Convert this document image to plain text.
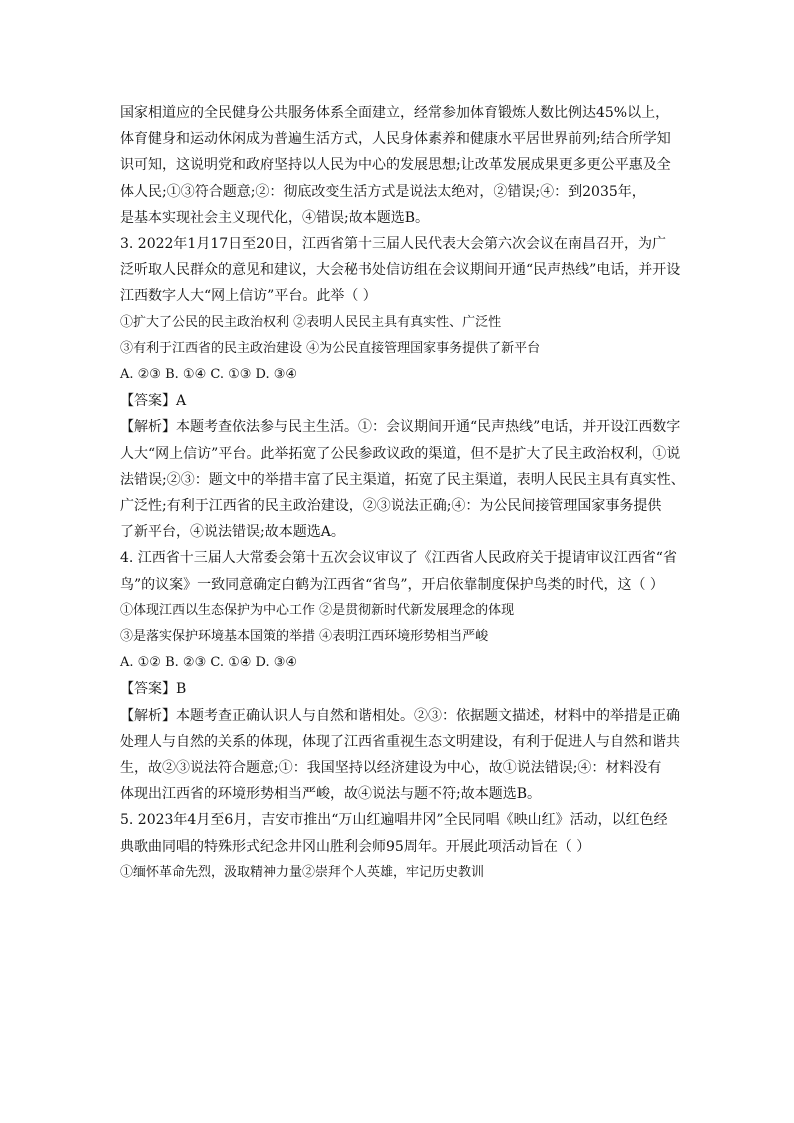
国家相道应的全民健身公共服务体系全面建立，经常参加体育锻炼人数比例达45%以上，

体育健身和运动休闲成为普遍生活方式，人民身体素养和健康水平居世界前列;结合所学知

识可知，这说明党和政府坚持以人民为中心的发展思想;让改革发展成果更多更公平惠及全

体人民;①③符合题意;②：彻底改变生活方式是说法太绝对，②错误;④：到2035年，

是基本实现社会主义现代化，④错误;故本题选B。

3. 2022年1月17日至20日，江西省第十三届人民代表大会第六次会议在南昌召开，为广

泛听取人民群众的意见和建议，大会秘书处信访组在会议期间开通“民声热线”电话，并开设

江西数字人大“网上信访”平台。此举（ ）

①扩大了公民的民主政治权利 ②表明人民民主具有真实性、广泛性

③有利于江西省的民主政治建设 ④为公民直接管理国家事务提供了新平台

A. ②③ B. ①④ C. ①③ D. ③④

【答案】A

【解析】本题考查依法参与民主生活。①：会议期间开通“民声热线”电话，并开设江西数字

人大“网上信访”平台。此举拓宽了公民参政议政的渠道，但不是扩大了民主政治权利，①说

法错误;②③：题文中的举措丰富了民主渠道，拓宽了民主渠道，表明人民民主具有真实性、

广泛性;有利于江西省的民主政治建设，②③说法正确;④：为公民间接管理国家事务提供

了新平台，④说法错误;故本题选A。

4. 江西省十三届人大常委会第十五次会议审议了《江西省人民政府关于提请审议江西省“省

鸟”的议案》一致同意确定白鹤为江西省“省鸟”，开启依靠制度保护鸟类的时代，这（ ）

①体现江西以生态保护为中心工作 ②是贯彻新时代新发展理念的体现

③是落实保护环境基本国策的举措 ④表明江西环境形势相当严峻

A. ①② B. ②③ C. ①④ D. ③④

【答案】B

【解析】本题考查正确认识人与自然和谐相处。②③：依据题文描述，材料中的举措是正确

处理人与自然的关系的体现，体现了江西省重视生态文明建设，有利于促进人与自然和谐共

生，故②③说法符合题意;①：我国坚持以经济建设为中心，故①说法错误;④：材料没有

体现出江西省的环境形势相当严峻，故④说法与题不符;故本题选B。

5. 2023年4月至6月，吉安市推出“万山红遍唱井冈”全民同唱《映山红》活动，以红色经

典歌曲同唱的特殊形式纪念井冈山胜利会师95周年。开展此项活动旨在（ ）

①缅怀革命先烈，汲取精神力量②崇拜个人英雄，牢记历史教训
